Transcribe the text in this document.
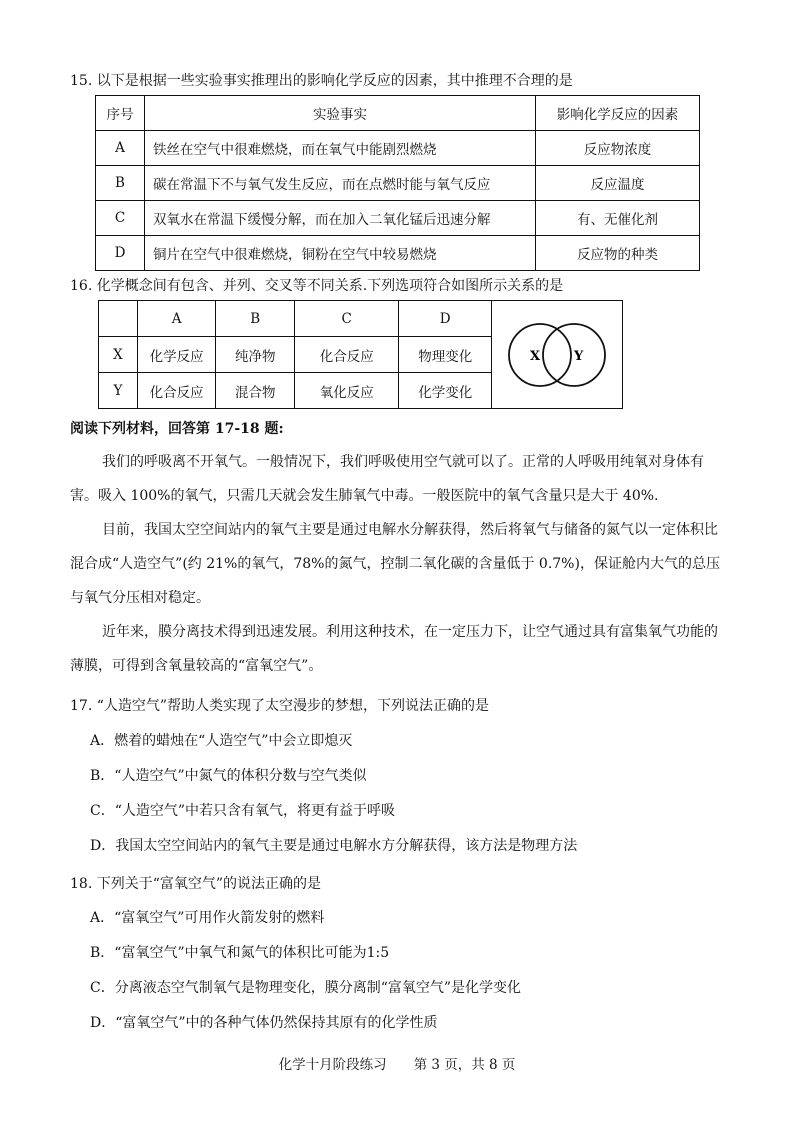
15. 以下是根据一些实验事实推理出的影响化学反应的因素，其中推理不合理的是
序号	实验事实	影响化学反应的因素
A	铁丝在空气中很难燃烧，而在氧气中能剧烈燃烧	反应物浓度
B	碳在常温下不与氧气发生反应，而在点燃时能与氧气反应	反应温度
C	双氧水在常温下缓慢分解，而在加入二氧化锰后迅速分解	有、无催化剂
D	铜片在空气中很难燃烧，铜粉在空气中较易燃烧	反应物的种类
16. 化学概念间有包含、并列、交叉等不同关系.下列选项符合如图所示关系的是
	A	B	C	D	X Y

X	化学反应	纯净物	化合反应	物理变化	
Y	化合反应	混合物	氧化反应	化学变化	
阅读下列材料，回答第 17-18 题:
我们的呼吸离不开氧气。一般情况下，我们呼吸使用空气就可以了。正常的人呼吸用纯氧对身体有害。吸入 100%的氧气，只需几天就会发生肺氧气中毒。一般医院中的氧气含量只是大于 40%.
目前，我国太空空间站内的氧气主要是通过电解水分解获得，然后将氧气与储备的氮气以一定体积比混合成“人造空气”(约 21%的氧气，78%的氮气，控制二氧化碳的含量低于 0.7%)，保证舱内大气的总压与氧气分压相对稳定。
近年来，膜分离技术得到迅速发展。利用这种技术，在一定压力下，让空气通过具有富集氧气功能的薄膜，可得到含氧量较高的“富氧空气”。
17. “人造空气”帮助人类实现了太空漫步的梦想，下列说法正确的是
A．燃着的蜡烛在“人造空气”中会立即熄灭
B．“人造空气”中氮气的体积分数与空气类似
C．“人造空气”中若只含有氧气，将更有益于呼吸
D．我国太空空间站内的氧气主要是通过电解水方分解获得，该方法是物理方法
18. 下列关于“富氧空气”的说法正确的是
A．“富氧空气”可用作火箭发射的燃料
B．“富氧空气”中氧气和氮气的体积比可能为1:5
C．分离液态空气制氧气是物理变化，膜分离制“富氧空气”是化学变化
D．“富氧空气”中的各种气体仍然保持其原有的化学性质
化学十月阶段练习　　第 3 页，共 8 页
